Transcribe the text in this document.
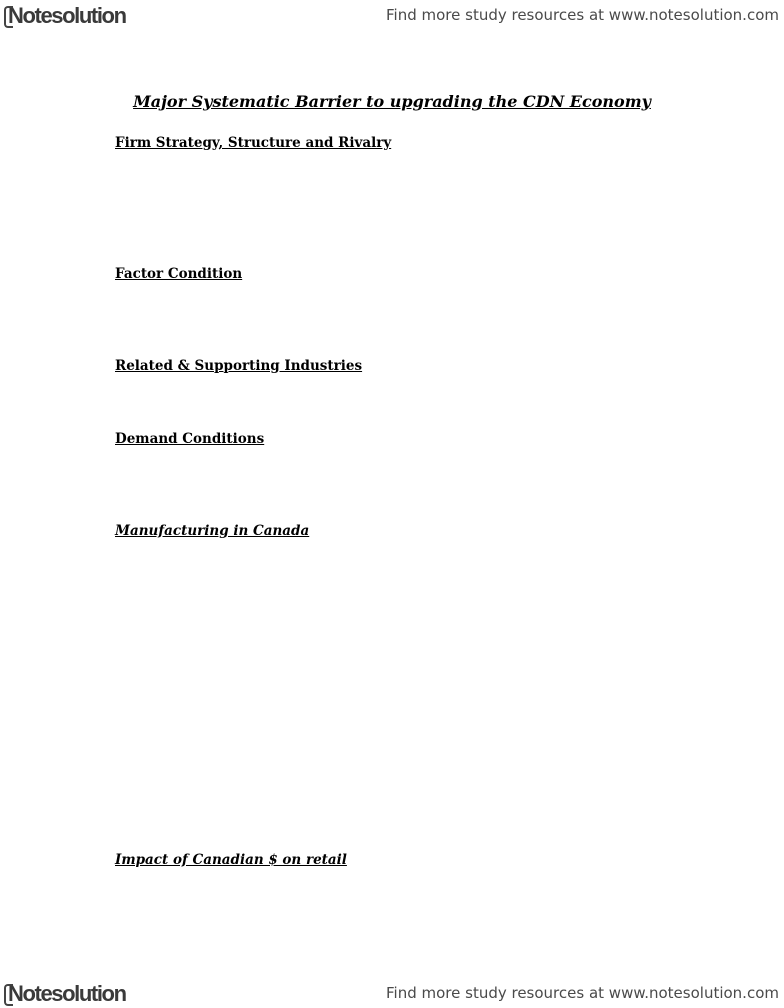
Notesolution	Find more study resources at www.notesolution.com
Major Systematic Barrier to upgrading the CDN Economy
Firm Strategy, Structure and Rivalry
Factor Condition
Related & Supporting Industries
Demand Conditions
Manufacturing in Canada
Impact of Canadian $ on retail
Notesolution	Find more study resources at www.notesolution.com
